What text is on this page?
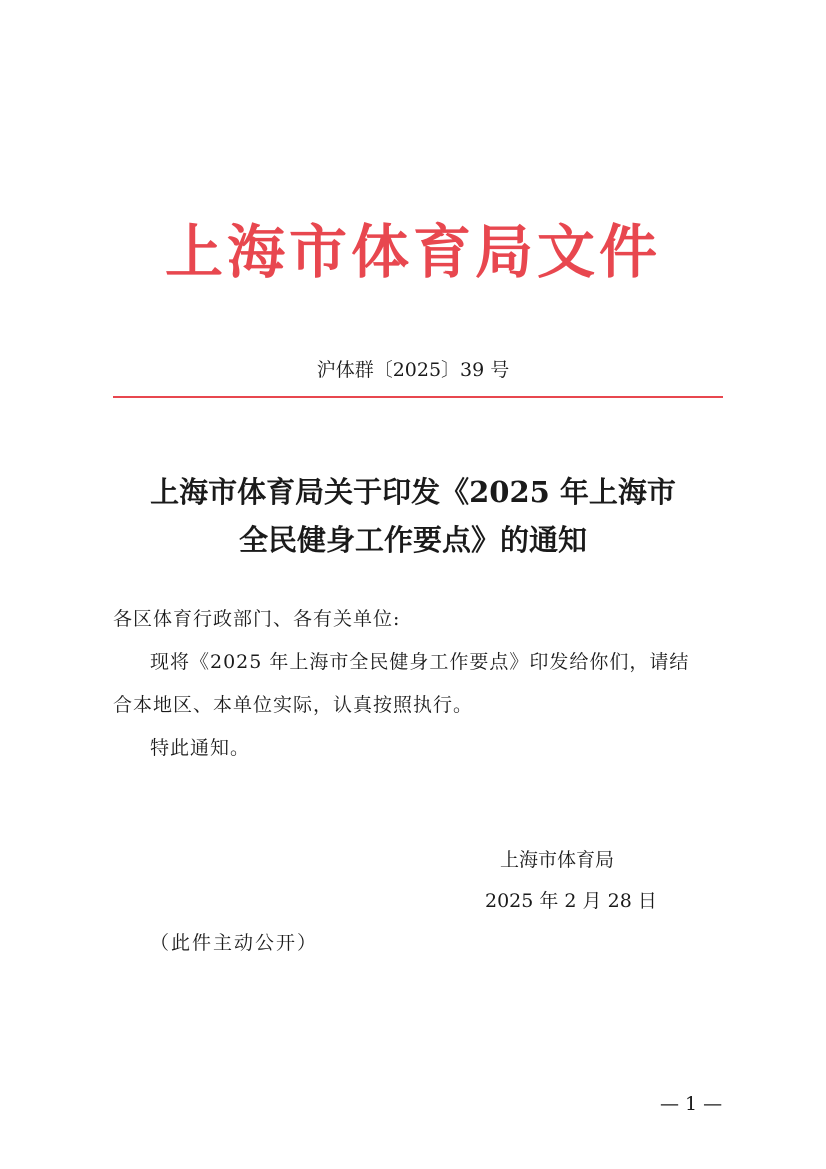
上海市体育局文件
沪体群〔2025〕39 号
上海市体育局关于印发《2025 年上海市
全民健身工作要点》的通知
各区体育行政部门、各有关单位:
现将《2025 年上海市全民健身工作要点》印发给你们，请结
合本地区、本单位实际，认真按照执行。
特此通知。
上海市体育局
2025 年 2 月 28 日
（此件主动公开）
— 1 —
